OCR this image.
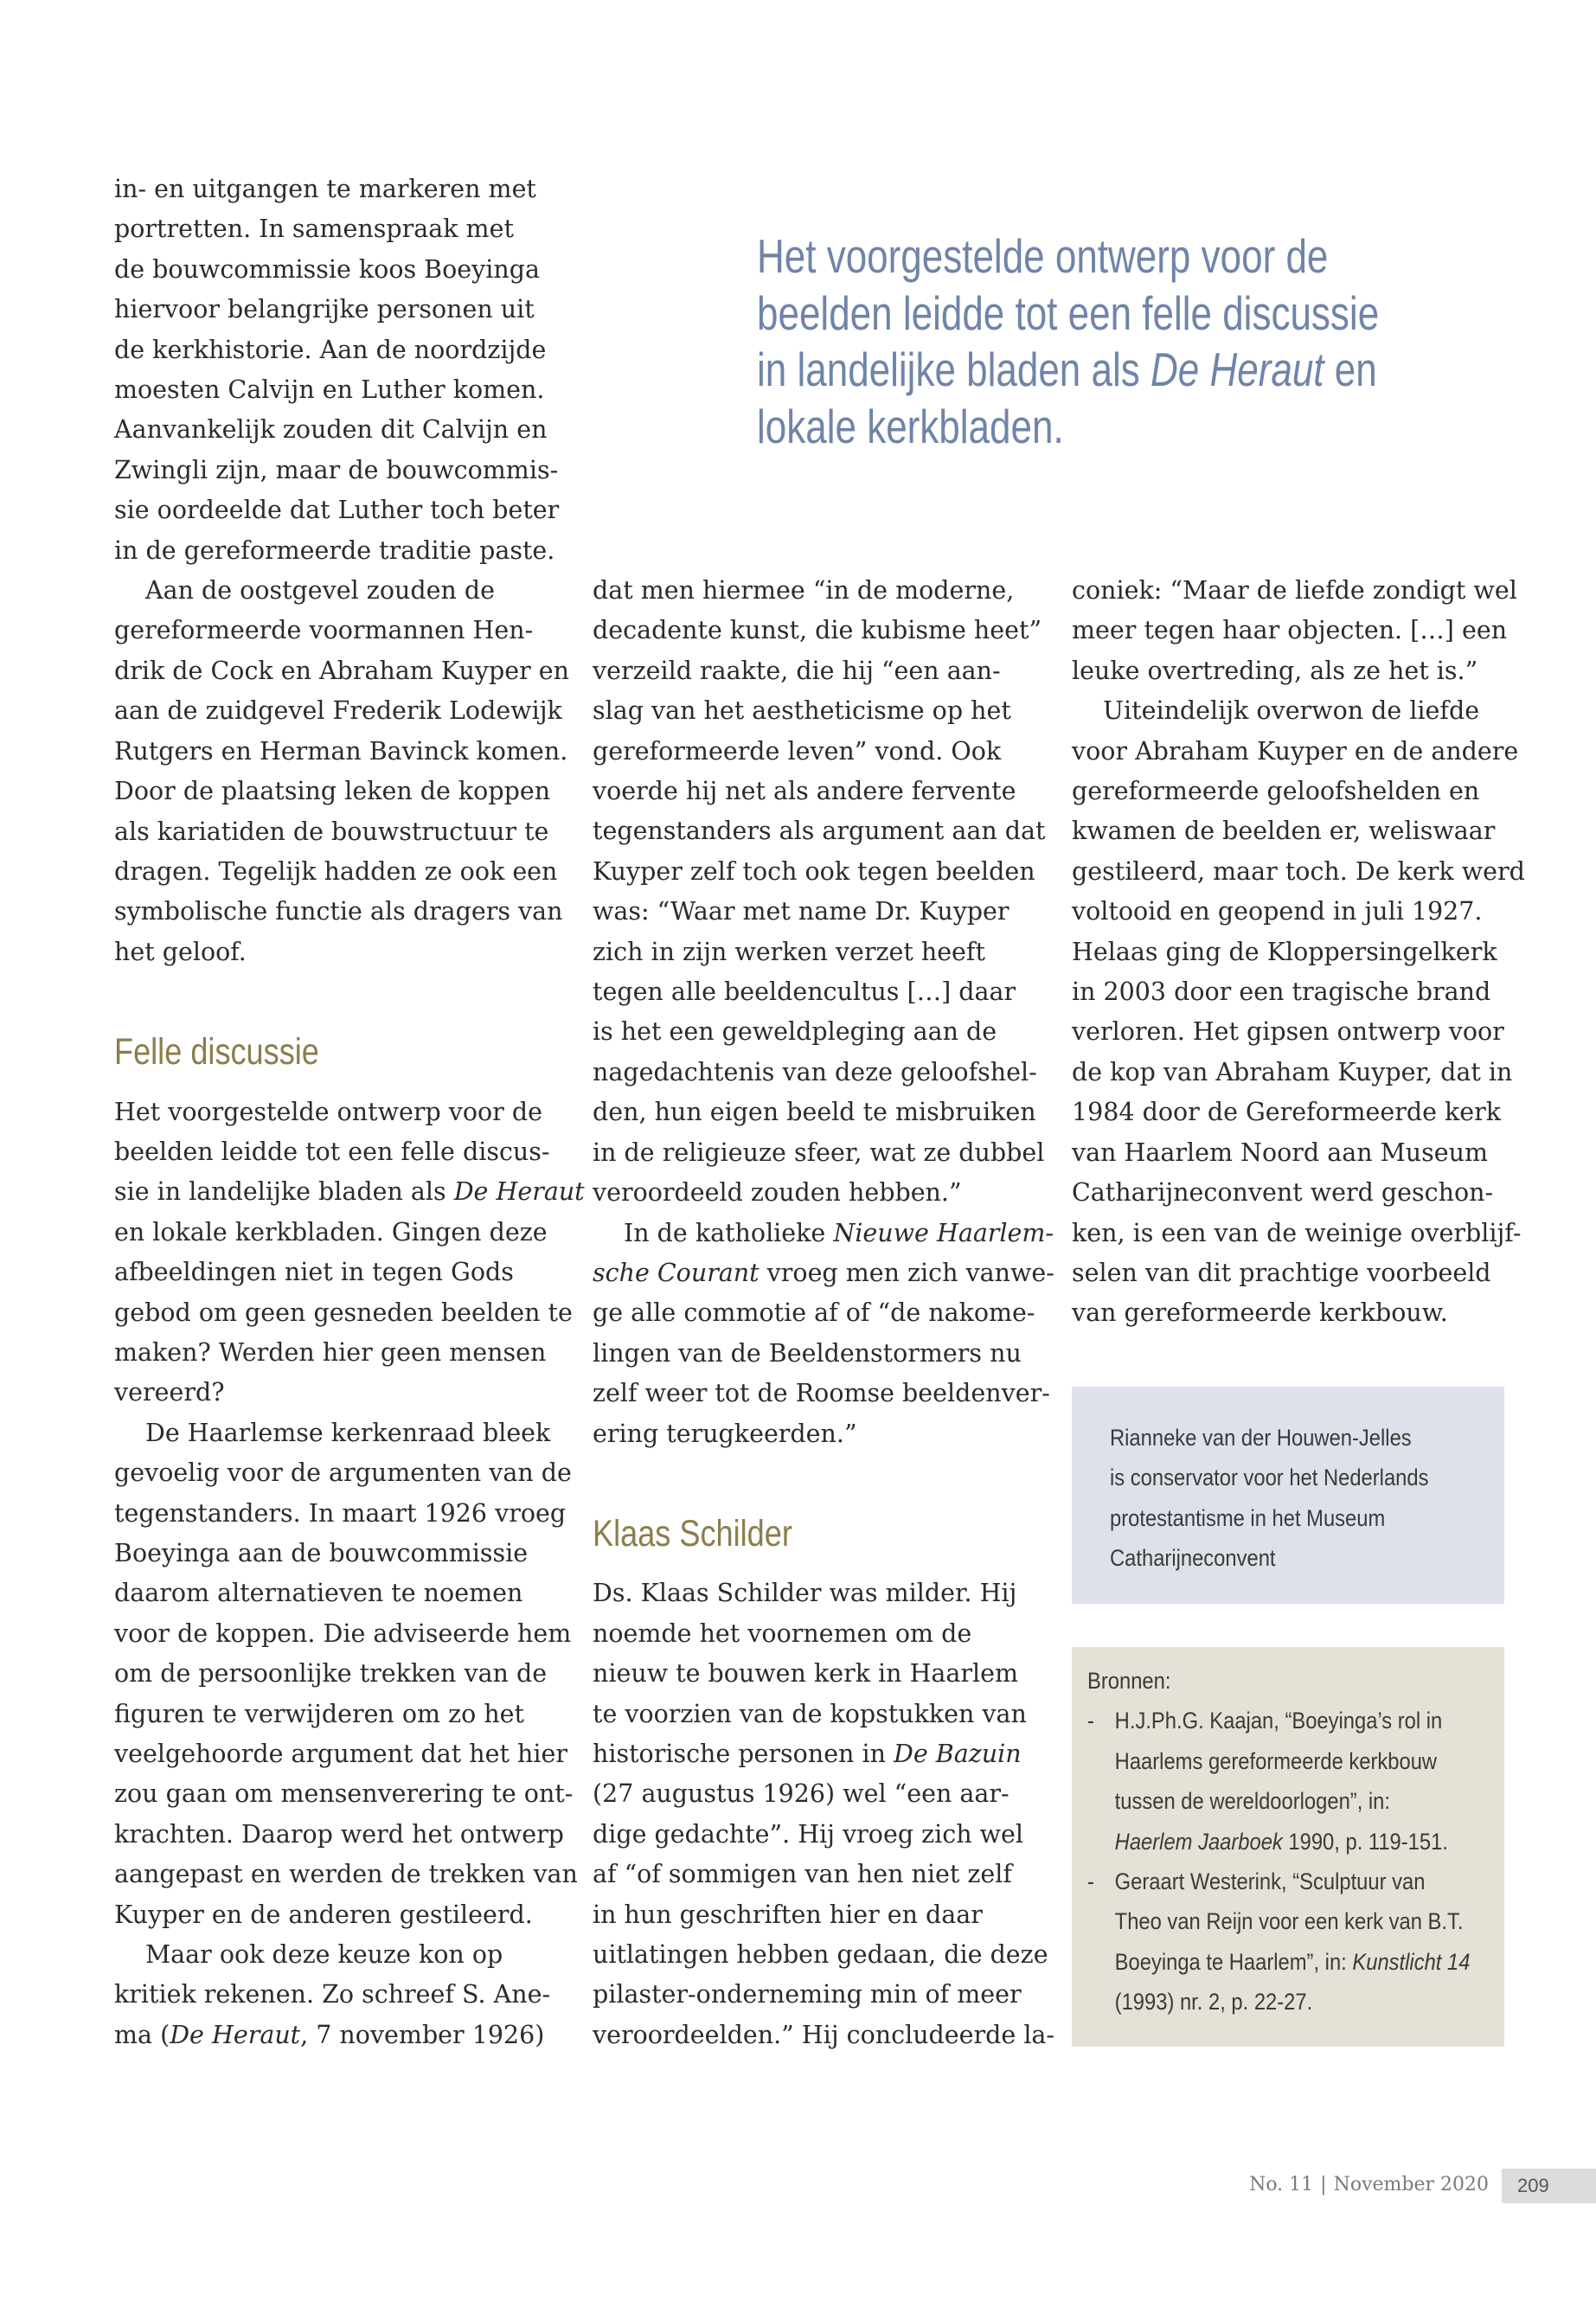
in- en uitgangen te markeren met
portretten. In samenspraak met
de bouwcommissie koos Boeyinga
hiervoor belangrijke personen uit
de kerkhistorie. Aan de noordzijde
moesten Calvijn en Luther komen.
Aanvankelijk zouden dit Calvijn en
Zwingli zijn, maar de bouwcommis-
sie oordeelde dat Luther toch beter
in de gereformeerde traditie paste.

Aan de oostgevel zouden de
gereformeerde voormannen Hen-
drik de Cock en Abraham Kuyper en
aan de zuidgevel Frederik Lodewijk
Rutgers en Herman Bavinck komen.
Door de plaatsing leken de koppen
als kariatiden de bouwstructuur te
dragen. Tegelijk hadden ze ook een
symbolische functie als dragers van
het geloof.

Felle discussie

Het voorgestelde ontwerp voor de
beelden leidde tot een felle discus-
sie in landelijke bladen als De Heraut
en lokale kerkbladen. Gingen deze
afbeeldingen niet in tegen Gods
gebod om geen gesneden beelden te
maken? Werden hier geen mensen
vereerd?

De Haarlemse kerkenraad bleek
gevoelig voor de argumenten van de
tegenstanders. In maart 1926 vroeg
Boeyinga aan de bouwcommissie
daarom alternatieven te noemen
voor de koppen. Die adviseerde hem
om de persoonlijke trekken van de
figuren te verwijderen om zo het
veelgehoorde argument dat het hier
zou gaan om mensenverering te ont-
krachten. Daarop werd het ontwerp
aangepast en werden de trekken van
Kuyper en de anderen gestileerd.

Maar ook deze keuze kon op
kritiek rekenen. Zo schreef S. Ane-
ma (De Heraut, 7 november 1926)

Het voorgestelde ontwerp voor de
beelden leidde tot een felle discussie
in landelijke bladen als De Heraut en
lokale kerkbladen.

dat men hiermee “in de moderne,
decadente kunst, die kubisme heet”
verzeild raakte, die hij “een aan-
slag van het aestheticisme op het
gereformeerde leven” vond. Ook
voerde hij net als andere fervente
tegenstanders als argument aan dat
Kuyper zelf toch ook tegen beelden
was: “Waar met name Dr. Kuyper
zich in zijn werken verzet heeft
tegen alle beeldencultus […] daar
is het een geweldpleging aan de
nagedachtenis van deze geloofshel-
den, hun eigen beeld te misbruiken
in de religieuze sfeer, wat ze dubbel
veroordeeld zouden hebben.”

In de katholieke Nieuwe Haarlem-
sche Courant vroeg men zich vanwe-
ge alle commotie af of “de nakome-
lingen van de Beeldenstormers nu
zelf weer tot de Roomse beeldenver-
ering terugkeerden.”

Klaas Schilder

Ds. Klaas Schilder was milder. Hij
noemde het voornemen om de
nieuw te bouwen kerk in Haarlem
te voorzien van de kopstukken van
historische personen in De Bazuin
(27 augustus 1926) wel “een aar-
dige gedachte”. Hij vroeg zich wel
af “of sommigen van hen niet zelf
in hun geschriften hier en daar
uitlatingen hebben gedaan, die deze
pilaster-onderneming min of meer
veroordeelden.” Hij concludeerde la-

coniek: “Maar de liefde zondigt wel
meer tegen haar objecten. […] een
leuke overtreding, als ze het is.”

Uiteindelijk overwon de liefde
voor Abraham Kuyper en de andere
gereformeerde geloofshelden en
kwamen de beelden er, weliswaar
gestileerd, maar toch. De kerk werd
voltooid en geopend in juli 1927.
Helaas ging de Kloppersingelkerk
in 2003 door een tragische brand
verloren. Het gipsen ontwerp voor
de kop van Abraham Kuyper, dat in
1984 door de Gereformeerde kerk
van Haarlem Noord aan Museum
Catharijneconvent werd geschon-
ken, is een van de weinige overblijf-
selen van dit prachtige voorbeeld
van gereformeerde kerkbouw.

Rianneke van der Houwen-Jelles

is conservator voor het Nederlands

protestantisme in het Museum

Catharijneconvent

Bronnen:
- H.J.Ph.G. Kaajan, “Boeyinga’s rol in
Haarlems gereformeerde kerkbouw
tussen de wereldoorlogen”, in:
Haerlem Jaarboek 1990, p. 119-151.
- Geraart Westerink, “Sculptuur van
Theo van Reijn voor een kerk van B.T.
Boeyinga te Haarlem”, in: Kunstlicht 14
(1993) nr. 2, p. 22-27.
No. 11 | November 2020 209
